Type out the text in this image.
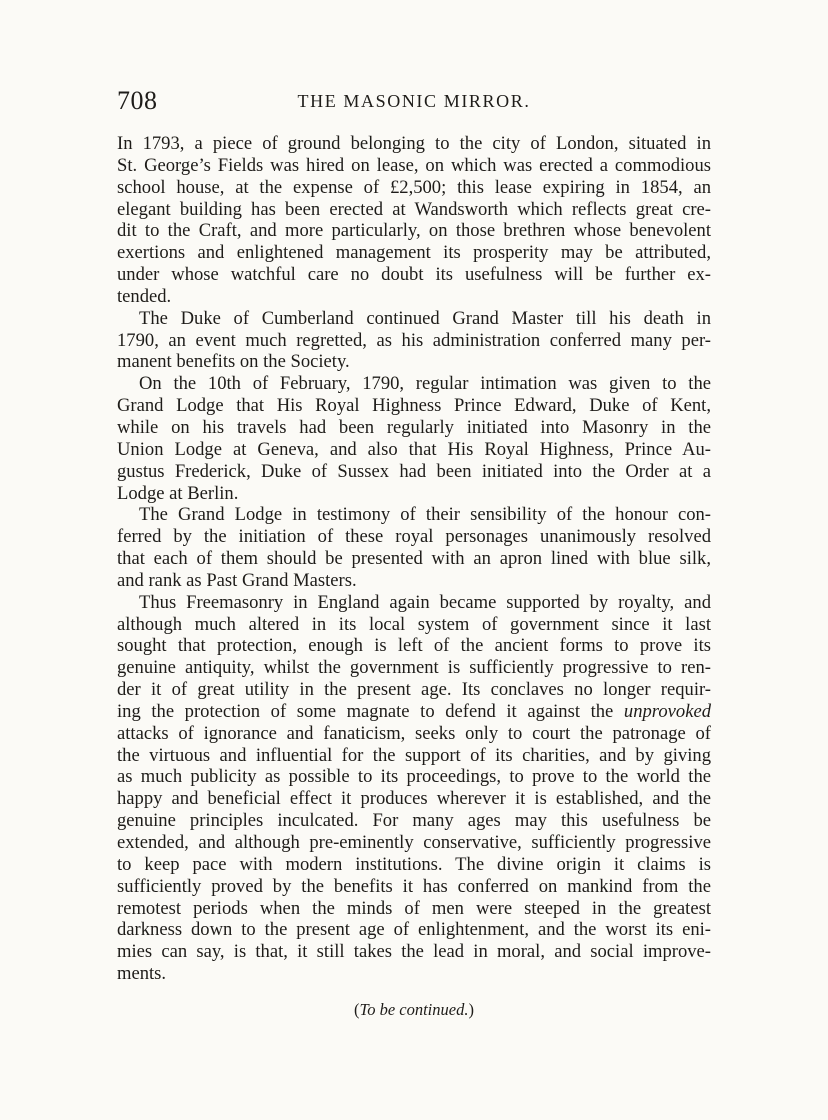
708	THE MASONIC MIRROR.
In 1793, a piece of ground belonging to the city of London, situated in
St. George’s Fields was hired on lease, on which was erected a commodious
school house, at the expense of £2,500; this lease expiring in 1854, an
elegant building has been erected at Wandsworth which reflects great cre-
dit to the Craft, and more particularly, on those brethren whose benevolent
exertions and enlightened management its prosperity may be attributed,
under whose watchful care no doubt its usefulness will be further ex-
tended.
The Duke of Cumberland continued Grand Master till his death in
1790, an event much regretted, as his administration conferred many per-
manent benefits on the Society.
On the 10th of February, 1790, regular intimation was given to the
Grand Lodge that His Royal Highness Prince Edward, Duke of Kent,
while on his travels had been regularly initiated into Masonry in the
Union Lodge at Geneva, and also that His Royal Highness, Prince Au-
gustus Frederick, Duke of Sussex had been initiated into the Order at a
Lodge at Berlin.
The Grand Lodge in testimony of their sensibility of the honour con-
ferred by the initiation of these royal personages unanimously resolved
that each of them should be presented with an apron lined with blue silk,
and rank as Past Grand Masters.
Thus Freemasonry in England again became supported by royalty, and
although much altered in its local system of government since it last
sought that protection, enough is left of the ancient forms to prove its
genuine antiquity, whilst the government is sufficiently progressive to ren-
der it of great utility in the present age. Its conclaves no longer requir-
ing the protection of some magnate to defend it against the unprovoked
attacks of ignorance and fanaticism, seeks only to court the patronage of
the virtuous and influential for the support of its charities, and by giving
as much publicity as possible to its proceedings, to prove to the world the
happy and beneficial effect it produces wherever it is established, and the
genuine principles inculcated. For many ages may this usefulness be
extended, and although pre-eminently conservative, sufficiently progressive
to keep pace with modern institutions. The divine origin it claims is
sufficiently proved by the benefits it has conferred on mankind from the
remotest periods when the minds of men were steeped in the greatest
darkness down to the present age of enlightenment, and the worst its eni-
mies can say, is that, it still takes the lead in moral, and social improve-
ments.
(To be continued.)
